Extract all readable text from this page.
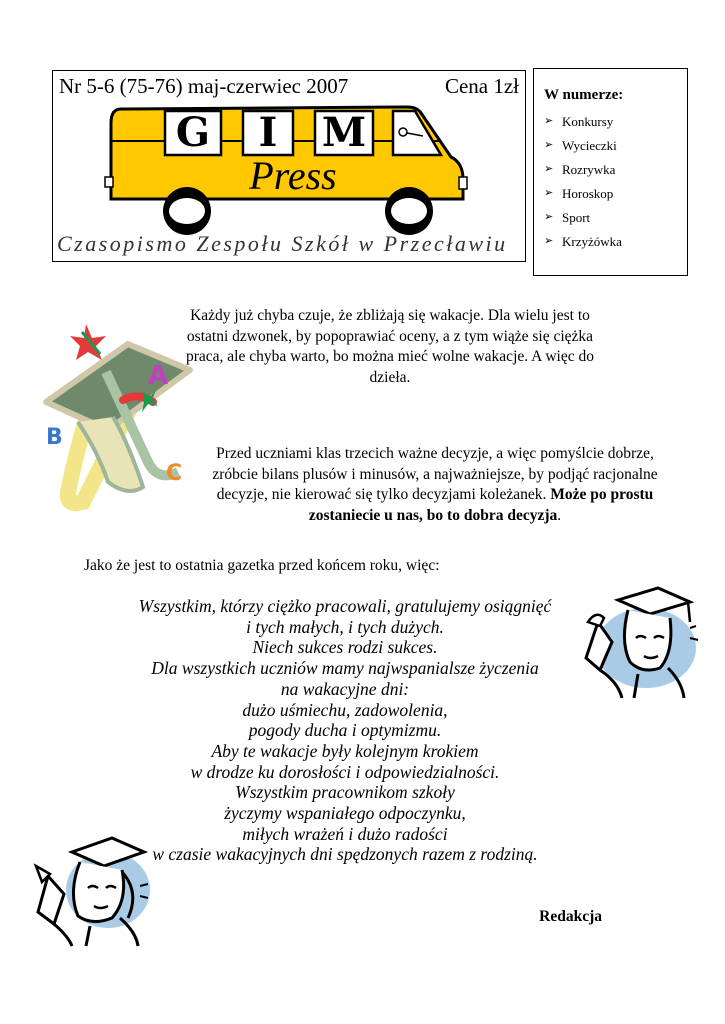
Nr 5-6 (75-76) maj-czerwiec 2007	Cena 1zł
G I M
Press
Czasopismo Zespołu Szkół w Przecławiu
W numerze:
➢ Konkursy
➢ Wycieczki
➢ Rozrywka
➢ Horoskop
➢ Sport
➢ Krzyżówka
A
B
C
Każdy już chyba czuje, że zbliżają się wakacje. Dla wielu jest to ostatni dzwonek, by popoprawiać oceny, a z tym wiąże się ciężka praca, ale chyba warto, bo można mieć wolne wakacje. A więc do dzieła.
Przed uczniami klas trzecich ważne decyzje, a więc pomyślcie dobrze, zróbcie bilans plusów i minusów, a najważniejsze, by podjąć racjonalne decyzje, nie kierować się tylko decyzjami koleżanek. Może po prostu zostaniecie u nas, bo to dobra decyzja.
Jako że jest to ostatnia gazetka przed końcem roku, więc:
Wszystkim, którzy ciężko pracowali, gratulujemy osiągnięć
i tych małych, i tych dużych.
Niech sukces rodzi sukces.
Dla wszystkich uczniów mamy najwspanialsze życzenia
na wakacyjne dni:
dużo uśmiechu, zadowolenia,
pogody ducha i optymizmu.
Aby te wakacje były kolejnym krokiem
w drodze ku dorosłości i odpowiedzialności.
Wszystkim pracownikom szkoły
życzymy wspaniałego odpoczynku,
miłych wrażeń i dużo radości
w czasie wakacyjnych dni spędzonych razem z rodziną.
Redakcja
